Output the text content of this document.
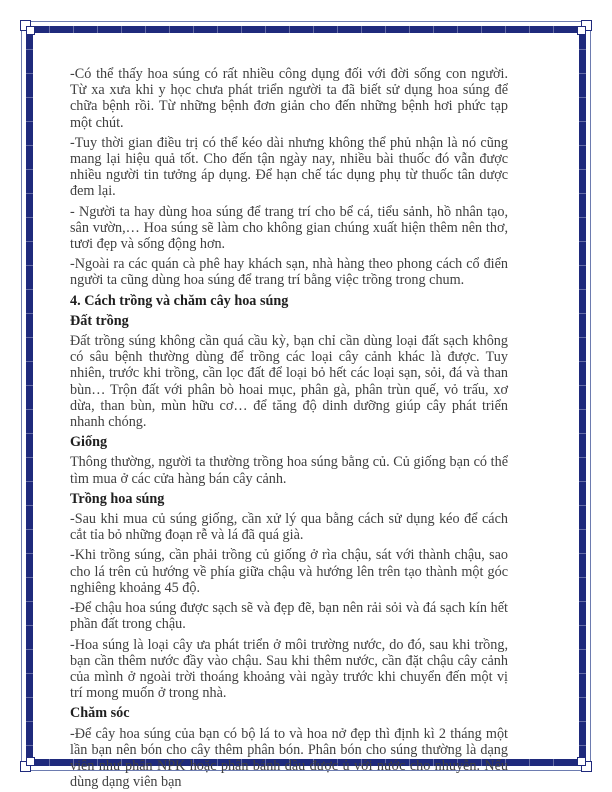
-Có thể thấy hoa súng có rất nhiều công dụng đối với đời sống con người. Từ xa xưa khi y học chưa phát triển người ta đã biết sử dụng hoa súng để chữa bệnh rồi. Từ những bệnh đơn giản cho đến những bệnh hơi phức tạp một chút.

-Tuy thời gian điều trị có thể kéo dài nhưng không thể phủ nhận là nó cũng mang lại hiệu quả tốt. Cho đến tận ngày nay, nhiều bài thuốc đó vẫn được nhiều người tin tưởng áp dụng. Để hạn chế tác dụng phụ từ thuốc tân dược đem lại.

- Người ta hay dùng hoa súng để trang trí cho bể cá, tiểu sảnh, hồ nhân tạo, sân vườn,… Hoa súng sẽ làm cho không gian chúng xuất hiện thêm nên thơ, tươi đẹp và sống động hơn.

-Ngoài ra các quán cà phê hay khách sạn, nhà hàng theo phong cách cổ điển người ta cũng dùng hoa súng để trang trí bằng việc trồng trong chum.

4. Cách trồng và chăm cây hoa súng

Đất trồng

Đất trồng súng không cần quá cầu kỳ, bạn chỉ cần dùng loại đất sạch không có sâu bệnh thường dùng để trồng các loại cây cảnh khác là được. Tuy nhiên, trước khi trồng, cần lọc đất để loại bỏ hết các loại sạn, sỏi, đá và than bùn… Trộn đất với phân bò hoai mục, phân gà, phân trùn quế, vỏ trấu, xơ dừa, than bùn, mùn hữu cơ… để tăng độ dinh dưỡng giúp cây phát triển nhanh chóng.

Giống

Thông thường, người ta thường trồng hoa súng bằng củ. Củ giống bạn có thể tìm mua ở các cửa hàng bán cây cảnh.

Trồng hoa súng

-Sau khi mua củ súng giống, cần xử lý qua bằng cách sử dụng kéo để cách cắt tỉa bỏ những đoạn rễ và lá đã quá già.

-Khi trồng súng, cần phải trồng củ giống ở rìa chậu, sát với thành chậu, sao cho lá trên củ hướng về phía giữa chậu và hướng lên trên tạo thành một góc nghiêng khoảng 45 độ.

-Để chậu hoa súng được sạch sẽ và đẹp đẽ, bạn nên rải sỏi và đá sạch kín hết phần đất trong chậu.

-Hoa súng là loại cây ưa phát triển ở môi trường nước, do đó, sau khi trồng, bạn cần thêm nước đầy vào chậu. Sau khi thêm nước, cần đặt chậu cây cảnh của mình ở ngoài trời thoáng khoảng vài ngày trước khi chuyển đến một vị trí mong muốn ở trong nhà.

Chăm sóc

-Để cây hoa súng của bạn có bộ lá to và hoa nở đẹp thì định kì 2 tháng một lần bạn nên bón cho cây thêm phân bón. Phân bón cho súng thường là dạng viên như phân NPK hoặc phân bánh dầu được ủ với nước cho nhuyễn. Nếu dùng dạng viên bạn
